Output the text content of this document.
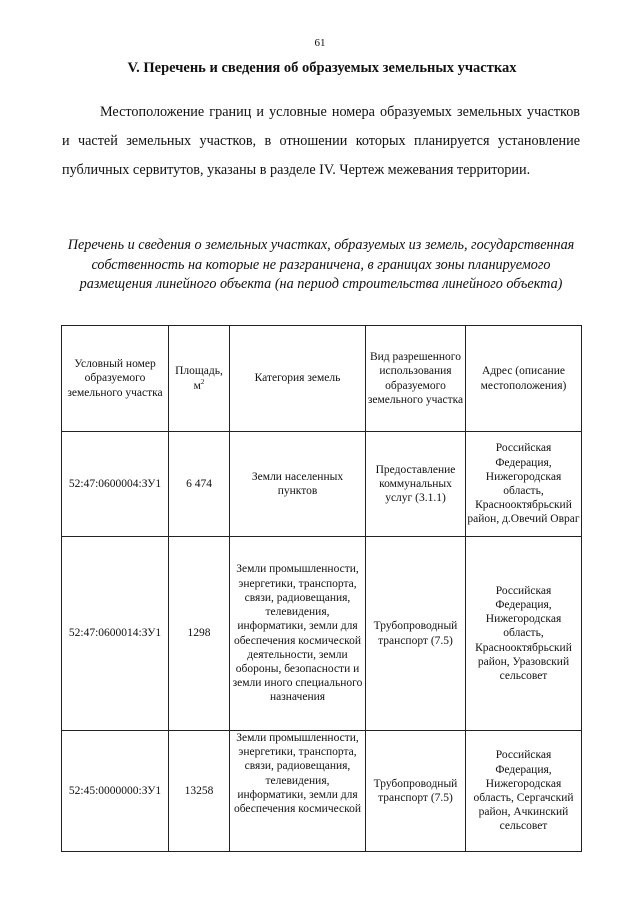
61
V. Перечень и сведения об образуемых земельных участках

Местоположение границ и условные номера образуемых земельных участков и частей земельных участков, в отношении которых планируется установление публичных сервитутов, указаны в разделе IV. Чертеж межевания территории.

Перечень и сведения о земельных участках, образуемых из земель, государственная собственность на которые не разграничена, в границах зоны планируемого размещения линейного объекта (на период строительства линейного объекта)
Условный номер образуемого земельного участка	Площадь, $м^2$	Категория земель	Вид разрешенного использования образуемого земельного участка	Адрес (описание местоположения)
52:47:0600004:ЗУ1	6 474	Земли населенных пунктов	Предоставление коммунальных услуг (3.1.1)	Российская Федерация, Нижегородская область, Краснооктябрьский район, д.Овечий Овраг
52:47:0600014:ЗУ1	1298	Земли промышленности, энергетики, транспорта, связи, радиовещания, телевидения, информатики, земли для обеспечения космической деятельности, земли обороны, безопасности и земли иного специального назначения	Трубопроводный транспорт (7.5)	Российская Федерация, Нижегородская область, Краснооктябрьский район, Уразовский сельсовет
52:45:0000000:ЗУ1	13258	Земли промышленности, энергетики, транспорта, связи, радиовещания, телевидения, информатики, земли для обеспечения космической	Трубопроводный транспорт (7.5)	Российская Федерация, Нижегородская область, Сергачский район, Ачкинский сельсовет
